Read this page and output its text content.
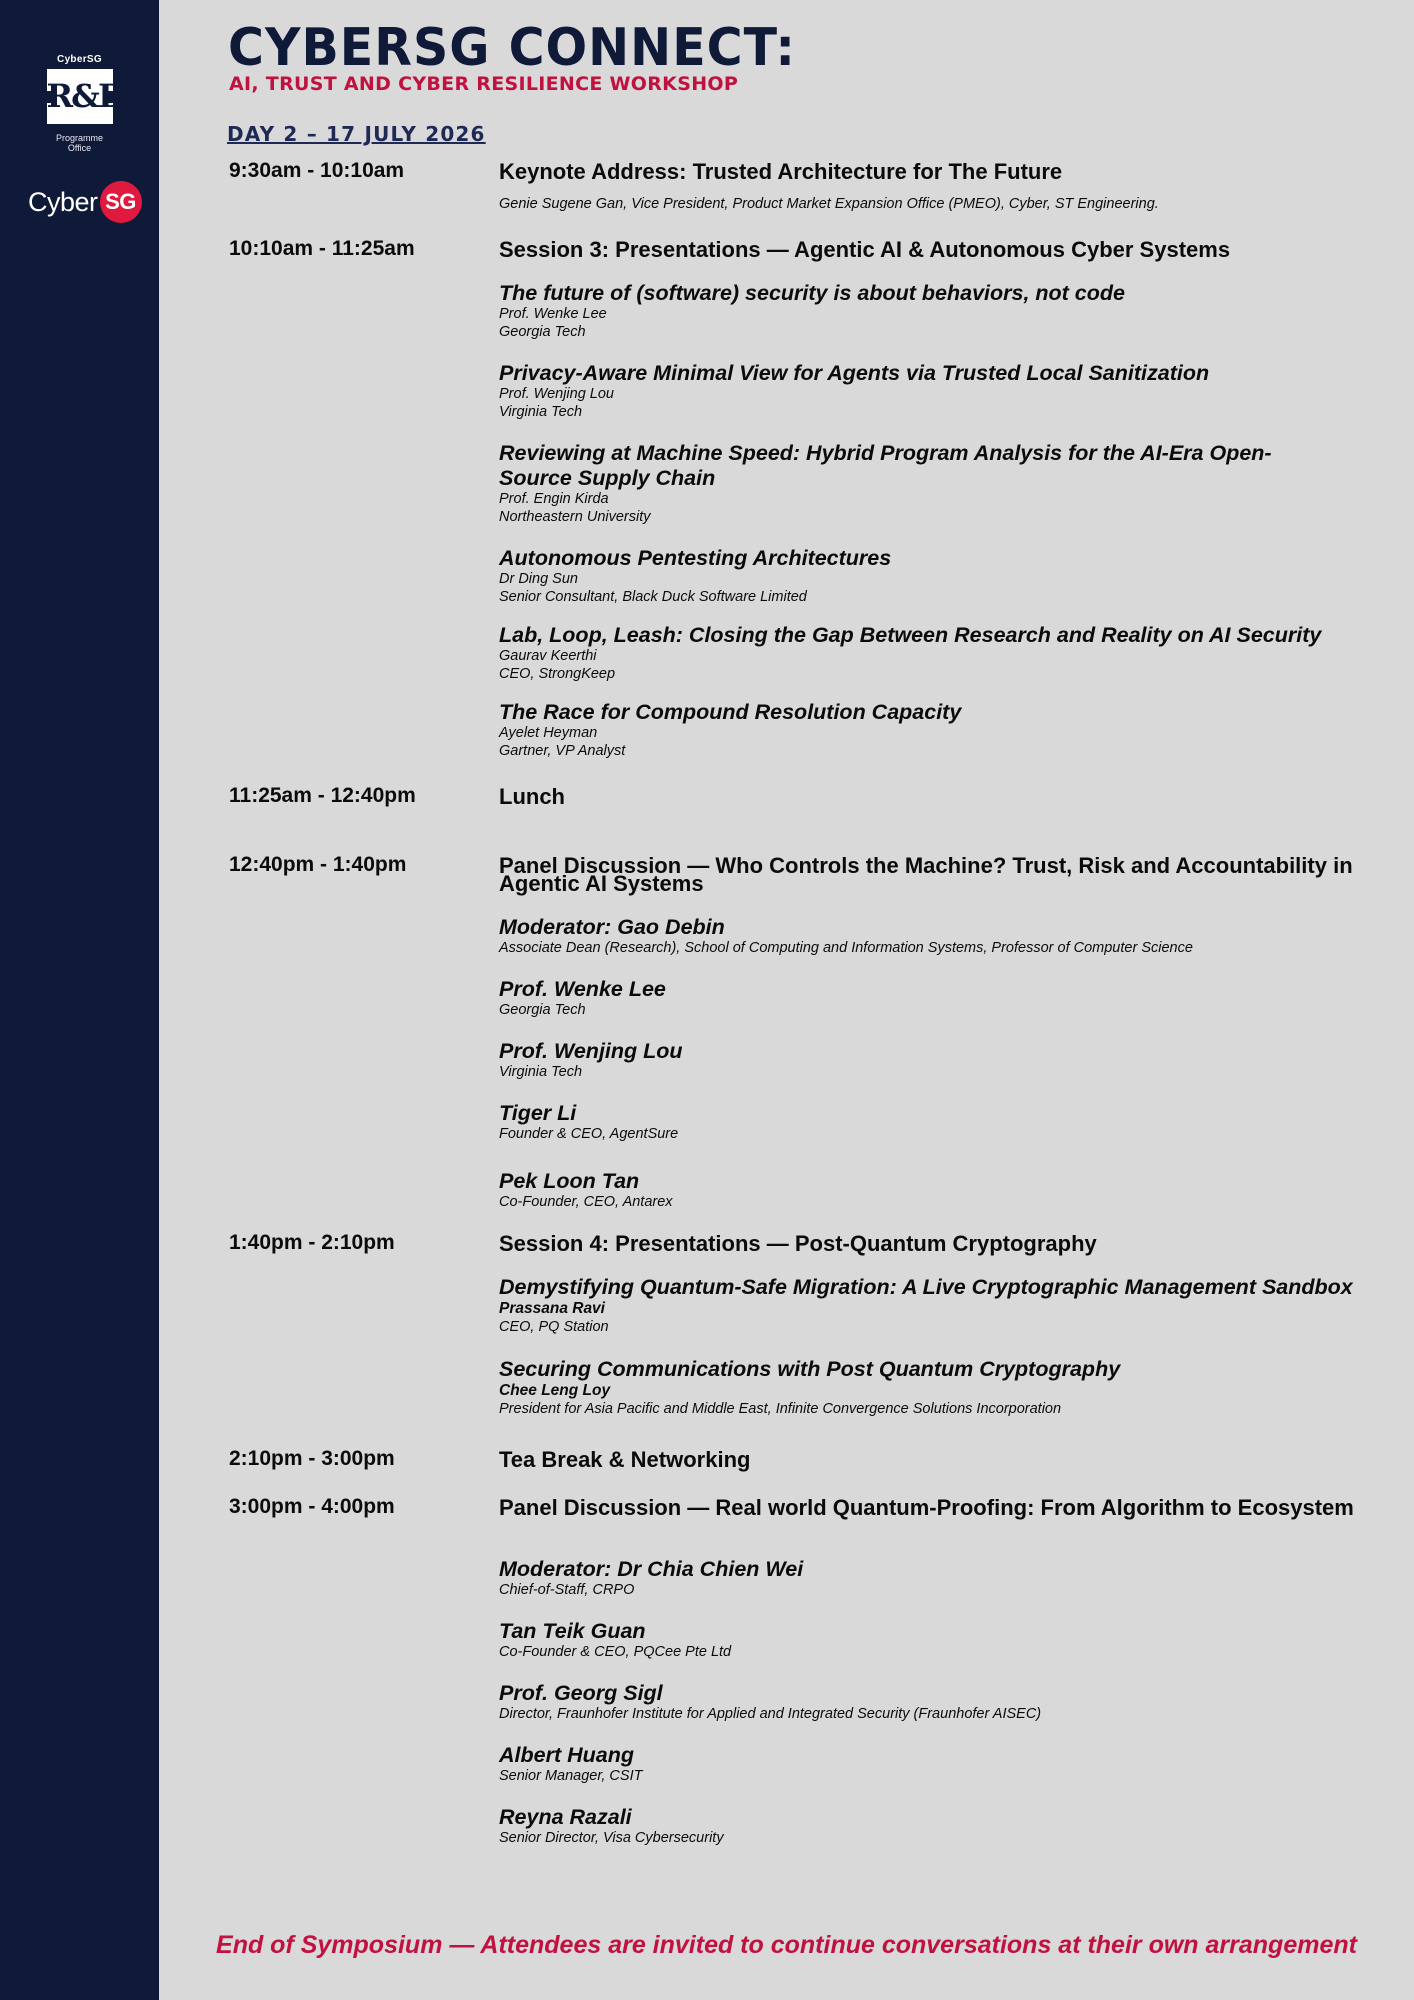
CyberSG
R&D
Programme
Office
Cyber SG
CYBERSG CONNECT:
AI, TRUST AND CYBER RESILIENCE WORKSHOP
DAY 2 – 17 JULY 2026
9:30am - 10:10am	Keynote Address: Trusted Architecture for The Future
Genie Sugene Gan, Vice President, Product Market Expansion Office (PMEO), Cyber, ST Engineering.
10:10am - 11:25am	Session 3: Presentations — Agentic AI & Autonomous Cyber Systems
The future of (software) security is about behaviors, not code
Prof. Wenke Lee
Georgia Tech
Privacy-Aware Minimal View for Agents via Trusted Local Sanitization
Prof. Wenjing Lou
Virginia Tech
Reviewing at Machine Speed: Hybrid Program Analysis for the AI-Era Open-
Source Supply Chain
Prof. Engin Kirda
Northeastern University
Autonomous Pentesting Architectures
Dr Ding Sun
Senior Consultant, Black Duck Software Limited
Lab, Loop, Leash: Closing the Gap Between Research and Reality on AI Security
Gaurav Keerthi
CEO, StrongKeep
The Race for Compound Resolution Capacity
Ayelet Heyman
Gartner, VP Analyst
11:25am - 12:40pm	Lunch
12:40pm - 1:40pm	Panel Discussion — Who Controls the Machine? Trust, Risk and Accountability in
Agentic AI Systems
Moderator: Gao Debin
Associate Dean (Research), School of Computing and Information Systems, Professor of Computer Science
Prof. Wenke Lee
Georgia Tech
Prof. Wenjing Lou
Virginia Tech
Tiger Li
Founder & CEO, AgentSure
Pek Loon Tan
Co-Founder, CEO, Antarex
1:40pm - 2:10pm	Session 4: Presentations — Post-Quantum Cryptography
Demystifying Quantum-Safe Migration: A Live Cryptographic Management Sandbox
Prassana Ravi
CEO, PQ Station
Securing Communications with Post Quantum Cryptography
Chee Leng Loy
President for Asia Pacific and Middle East, Infinite Convergence Solutions Incorporation
2:10pm - 3:00pm	Tea Break & Networking
3:00pm - 4:00pm	Panel Discussion — Real world Quantum-Proofing: From Algorithm to Ecosystem
Moderator: Dr Chia Chien Wei
Chief-of-Staff, CRPO
Tan Teik Guan
Co-Founder & CEO, PQCee Pte Ltd
Prof. Georg Sigl
Director, Fraunhofer Institute for Applied and Integrated Security (Fraunhofer AISEC)
Albert Huang
Senior Manager, CSIT
Reyna Razali
Senior Director, Visa Cybersecurity
End of Symposium — Attendees are invited to continue conversations at their own arrangement
